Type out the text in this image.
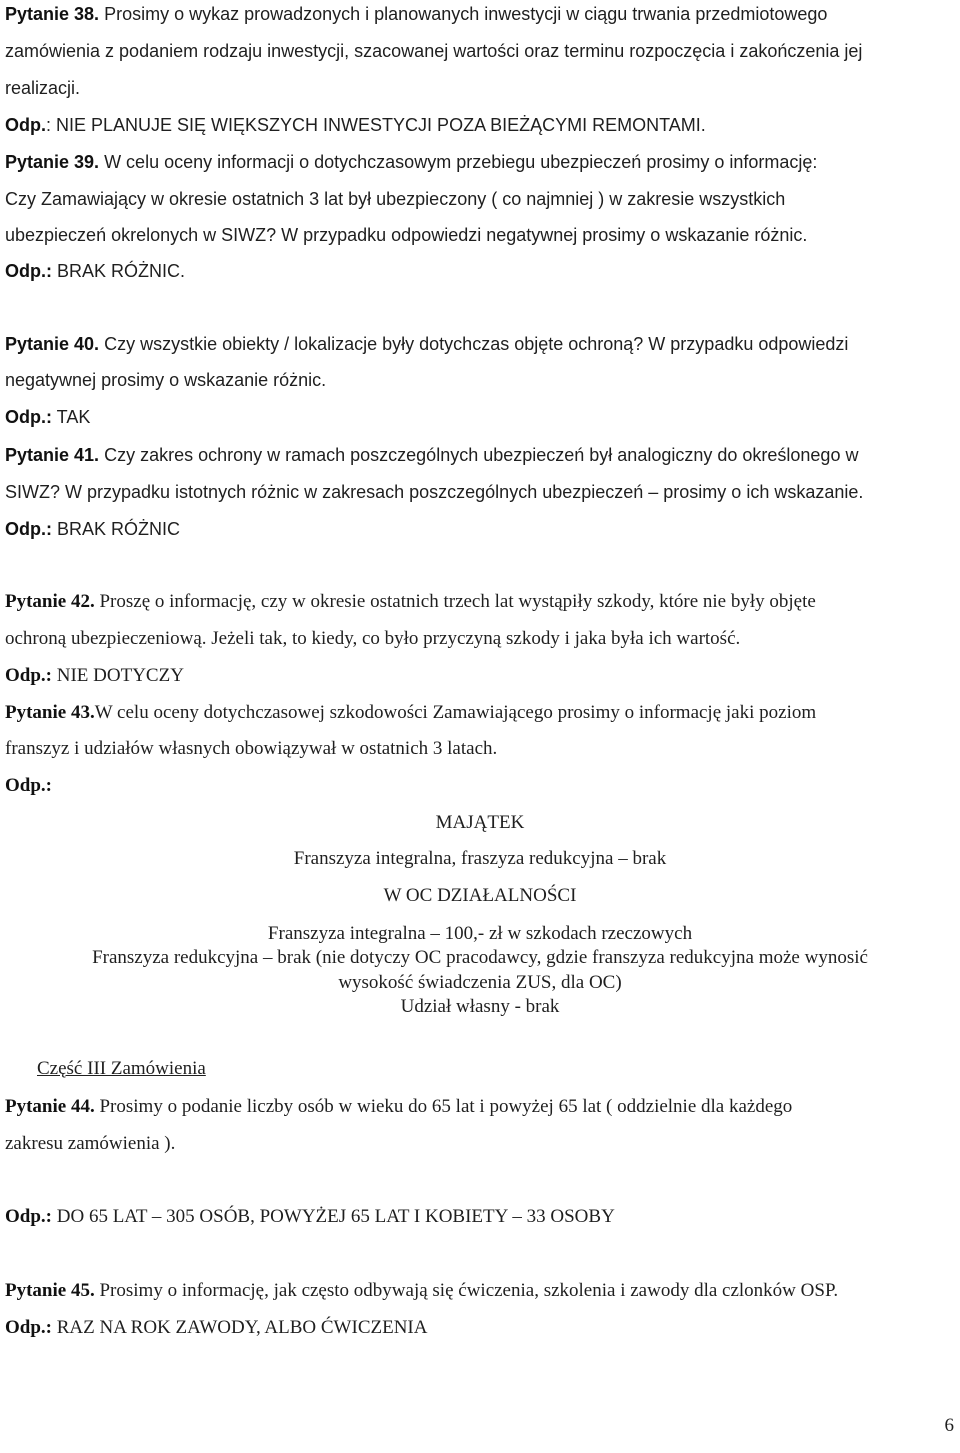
Pytanie 38. Prosimy o wykaz prowadzonych i planowanych inwestycji w ciągu trwania przedmiotowego
zamówienia z podaniem rodzaju inwestycji, szacowanej wartości oraz terminu rozpoczęcia i zakończenia jej
realizacji.
Odp.: NIE PLANUJE SIĘ WIĘKSZYCH INWESTYCJI POZA BIEŻĄCYMI REMONTAMI.
Pytanie 39. W celu oceny informacji o dotychczasowym przebiegu ubezpieczeń prosimy o informację:
Czy Zamawiający w okresie ostatnich 3 lat był ubezpieczony ( co najmniej ) w zakresie wszystkich
ubezpieczeń okrelonych w SIWZ? W przypadku odpowiedzi negatywnej prosimy o wskazanie różnic.
Odp.: BRAK RÓŻNIC.
Pytanie 40. Czy wszystkie obiekty / lokalizacje były dotychczas objęte ochroną? W przypadku odpowiedzi
negatywnej prosimy o wskazanie różnic.
Odp.: TAK
Pytanie 41. Czy zakres ochrony w ramach poszczególnych ubezpieczeń był analogiczny do określonego w
SIWZ? W przypadku istotnych różnic w zakresach poszczególnych ubezpieczeń – prosimy o ich wskazanie.
Odp.: BRAK RÓŻNIC
Pytanie 42. Proszę o informację, czy w okresie ostatnich trzech lat wystąpiły szkody, które nie były objęte
ochroną ubezpieczeniową. Jeżeli tak, to kiedy, co było przyczyną szkody i jaka była ich wartość.
Odp.: NIE DOTYCZY
Pytanie 43.W celu oceny dotychczasowej szkodowości Zamawiającego prosimy o informację jaki poziom
franszyz i udziałów własnych obowiązywał w ostatnich 3 latach.
Odp.:
MAJĄTEK
Franszyza integralna, fraszyza redukcyjna – brak
W OC DZIAŁALNOŚCI
Franszyza integralna – 100,- zł w szkodach rzeczowych
Franszyza redukcyjna – brak (nie dotyczy OC pracodawcy, gdzie franszyza redukcyjna może wynosić
wysokość świadczenia ZUS, dla OC)
Udział własny - brak
Część III Zamówienia
Pytanie 44. Prosimy o podanie liczby osób w wieku do 65 lat i powyżej 65 lat ( oddzielnie dla każdego
zakresu zamówienia ).
Odp.: DO 65 LAT – 305 OSÓB, POWYŻEJ 65 LAT I KOBIETY – 33 OSOBY
Pytanie 45. Prosimy o informację, jak często odbywają się ćwiczenia, szkolenia i zawody dla czlonków OSP.
Odp.: RAZ NA ROK ZAWODY, ALBO ĆWICZENIA
6
